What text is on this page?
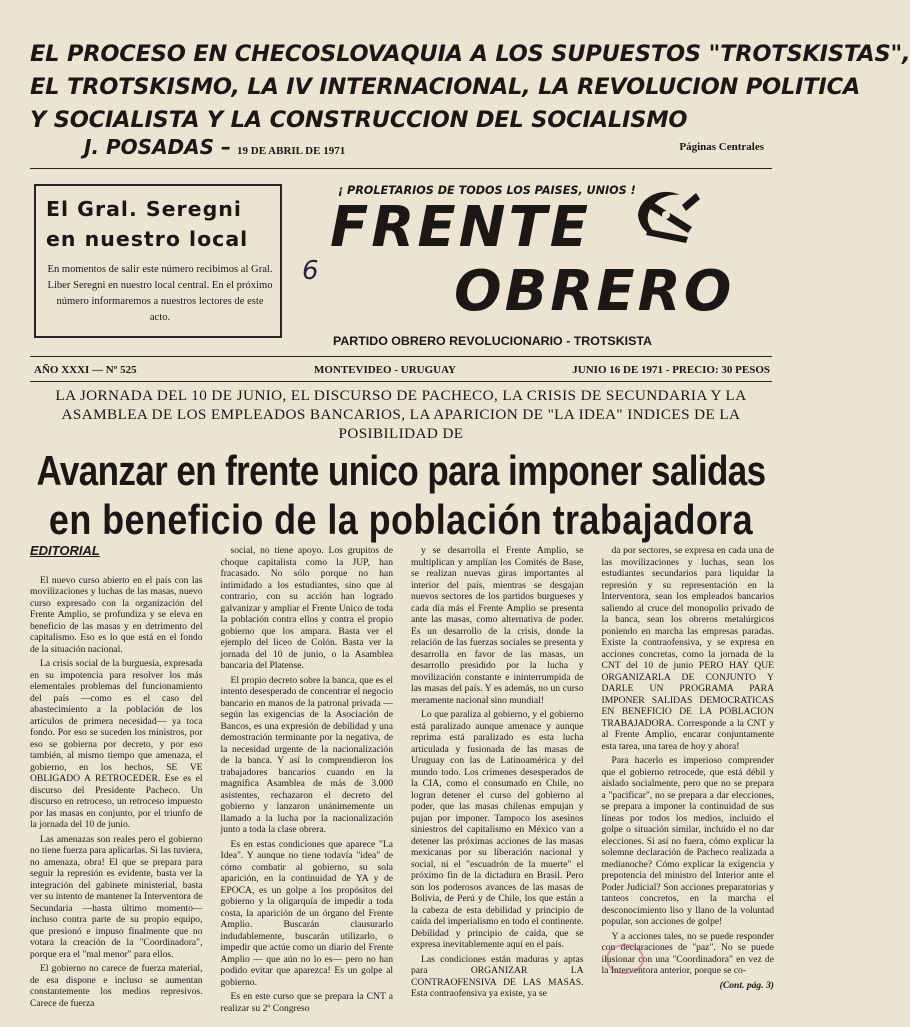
EL PROCESO EN CHECOSLOVAQUIA A LOS SUPUESTOS "TROTSKISTAS",
EL TROTSKISMO, LA IV INTERNACIONAL, LA REVOLUCION POLITICA
Y SOCIALISTA Y LA CONSTRUCCION DEL SOCIALISMO
J. POSADAS – 19 DE ABRIL DE 1971	Páginas Centrales
El Gral. Seregni
en nuestro local
En momentos de salir este número recibimos al Gral. Liber Seregni en nuestro local central. En el próximo número informaremos a nuestros lectores de este acto.
¡ PROLETARIOS DE TODOS LOS PAISES, UNIOS !
FRENTE
OBRERO
6
PARTIDO OBRERO REVOLUCIONARIO - TROTSKISTA
AÑO XXXI — Nº 525	MONTEVIDEO - URUGUAY	JUNIO 16 DE 1971 - PRECIO: 30 PESOS
LA JORNADA DEL 10 DE JUNIO, EL DISCURSO DE PACHECO, LA CRISIS DE SECUNDARIA Y LA ASAMBLEA DE LOS EMPLEADOS BANCARIOS, LA APARICION DE "LA IDEA" INDICES DE LA POSIBILIDAD DE
Avanzar en frente unico para imponer salidas
en beneficio de la población trabajadora
EDITORIAL

El nuevo curso abierto en el país con las movilizaciones y luchas de las masas, nuevo curso expresado con la organización del Frente Amplio, se profundiza y se eleva en beneficio de las masas y en detrimento del capitalismo. Eso es lo que está en el fondo de la situación nacional.

La crisis social de la burguesía, expresada en su impotencia para resolver los más elementales problemas del funcionamiento del país —como es el caso del abastecimiento a la población de los artículos de primera necesidad— ya toca fondo. Por eso se suceden los ministros, por eso se gobierna por decreto, y por eso también, al mismo tiempo que amenaza, el gobierno, en los hechos, SE VE OBLIGADO A RETROCEDER. Ese es el discurso del Presidente Pacheco. Un discurso en retroceso, un retroceso impuesto por las masas en conjunto, por el triunfo de la jornada del 10 de junio.

Las amenazas son reales pero el gobierno no tiene fuerza para aplicarlas. Si las tuviera, no amenaza, obra! El que se prepara para seguir la represión es evidente, basta ver la integración del gabinete ministerial, basta ver su intento de mantener la Interventora de Secundaria —hasta último momento— incluso contra parte de su propio equipo, que presionó e impuso finalmente que no votara la creación de la "Coordinadora", porque era el "mal menor" para ellos.

El gobierno no carece de fuerza material, de esa dispone e incluso se aumentan constantemente los medios represivos. Carece de fuerza

social, no tiene apoyo. Los grupitos de choque capitalista como la JUP, han fracasado. No sólo porque no han intimidado a los estudiantes, sino que al contrario, con su acción han logrado galvanizar y ampliar el Frente Unico de toda la población contra ellos y contra el propio gobierno que los ampara. Basta ver el ejemplo del liceo de Colón. Basta ver la jornada del 10 de junio, o la Asamblea bancaria del Platense.

El propio decreto sobre la banca, que es el intento desesperado de concentrar el negocio bancario en manos de la patronal privada —según las exigencias de la Asociación de Bancos, es una expresión de debilidad y una demostración terminante por la negativa, de la necesidad urgente de la nacionalización de la banca. Y así lo comprendieron los trabajadores bancarios cuando en la magnífica Asamblea de más de 3.000 asistentes, rechazaron el decreto del gobierno y lanzaron unánimemente un llamado a la lucha por la nacionalización junto a toda la clase obrera.

Es en estas condiciones que aparece "La Idea". Y aunque no tiene todavía "idea" de cómo combatir al gobierno, su sola aparición, en la continuidad de YA y de EPOCA, es un golpe a los propósitos del gobierno y la oligarquía de impedir a toda costa, la aparición de un órgano del Frente Amplio. Buscarán clausurarlo indudablemente, buscarán utilizarlo, o impedir que actúe como un diario del Frente Amplio — que aún no lo es— pero no han podido evitar que aparezca! Es un golpe al gobierno.

Es en este curso que se prepara la CNT a realizar su 2º Congreso

y se desarrolla el Frente Amplio, se multiplican y amplían los Comités de Base, se realizan nuevas giras importantes al interior del país, mientras se desgajan nuevos sectores de los partidos burgueses y cada día más el Frente Amplio se presenta ante las masas, como alternativa de poder. Es un desarrollo de la crisis, donde la relación de las fuerzas sociales se presenta y desarrolla en favor de las masas, un desarrollo presidido por la lucha y movilización constante e ininterrumpida de las masas del país. Y es además, no un curso meramente nacional sino mundial!

Lo que paraliza al gobierno, y el gobierno está paralizado aunque amenace y aunque reprima está paralizado es esta lucha articulada y fusionada de las masas de Uruguay con las de Latinoamérica y del mundo todo. Los crímenes desesperados de la CIA, como el consumado en Chile, no logran detener el curso del gobierno al poder, que las masas chilenas empujan y pujan por imponer. Tampoco los asesinos siniestros del capitalismo en México van a detener las próximas acciones de las masas mexicanas por su liberación nacional y social, ni el "escuadrón de la muerte" el próximo fin de la dictadura en Brasil. Pero son los poderosos avances de las masas de Bolivia, de Perú y de Chile, los que están a la cabeza de esta debilidad y principio de caída del imperialismo en todo el continente. Debilidad y principio de caída, que se expresa inevitablemente aquí en el país.

Las condiciones están maduras y aptas para ORGANIZAR LA CONTRAOFENSIVA DE LAS MASAS. Esta contraofensiva ya existe, ya se

da por sectores, se expresa en cada una de las movilizaciones y luchas, sean los estudiantes secundarios para liquidar la represión y su representación en la Interventora, sean los empleados bancarios saliendo al cruce del monopolio privado de la banca, sean los obreros metalúrgicos poniendo en marcha las empresas paradas. Existe la contraofensiva, y se expresa en acciones concretas, como la jornada de la CNT del 10 de junio PERO HAY QUE ORGANIZARLA DE CONJUNTO Y DARLE UN PROGRAMA PARA IMPONER SALIDAS DEMOCRATICAS EN BENEFICIO DE LA POBLACION TRABAJADORA. Corresponde a la CNT y al Frente Amplio, encarar conjuntamente esta tarea, una tarea de hoy y ahora!

Para hacerlo es imperioso comprender que el gobierno retrocede, que está débil y aislado socialmente, pero que no se prepara a "pacificar", no se prepara a dar elecciones, se prepara a imponer la continuidad de sus líneas por todos los medios, incluido el golpe o situación similar, incluido el no dar elecciones. Si así no fuera, cómo explicar la solemne declaración de Pacheco realizada a medianoche? Cómo explicar la exigencia y prepotencia del ministro del Interior ante el Poder Judicial? Son acciones preparatorias y tanteos concretos, en la marcha el desconocimiento liso y llano de la voluntad popular, son acciones de golpe!

Y a acciones tales, no se puede responder con declaraciones de "paz". No se puede ilusionar con una "Coordinadora" en vez de la Interventora anterior, porque se co-

(Cont. pág. 3)
